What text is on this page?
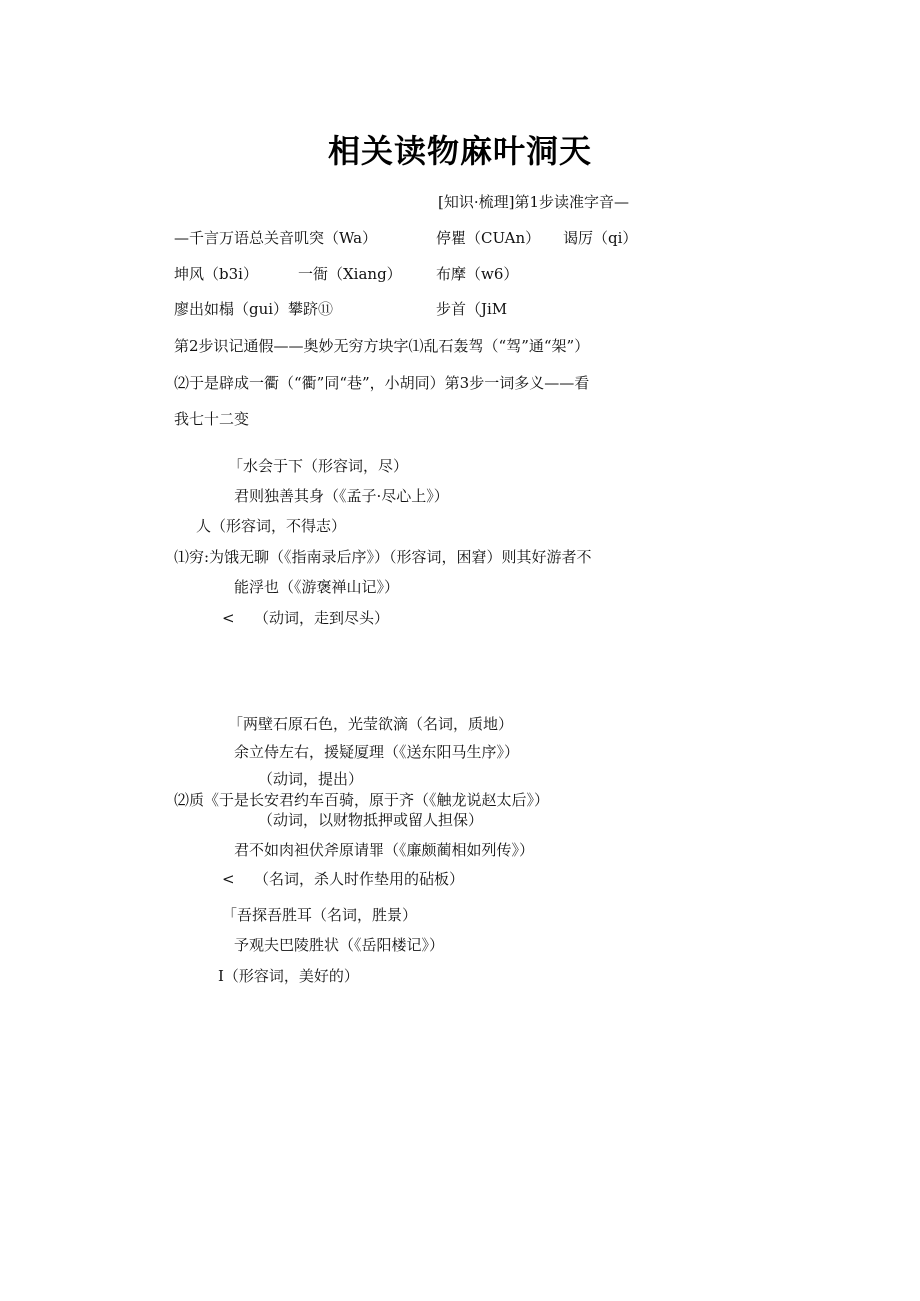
相关读物麻叶洞天
[知识·梳理]第1步读准字音—
—千言万语总关音叽突（Wa）	停瞿（CUAn） 谒厉（qi）
坤风（b3i）	一衙（Xiang） 布摩（w6）
廖出如榻（gui）攀跻⑪	步首（JiM
第2步识记通假——奥妙无穷方块字⑴乱石轰驾（“驾”通“架”）
⑵于是辟成一衢（“衢”同“巷”，小胡同）第3步一词多义——看
我七十二变
「水会于下（形容词，尽）
君则独善其身（《孟子·尽心上》）
人（形容词，不得志）
⑴穷:为饿无聊（《指南录后序》）（形容词，困窘）则其好游者不
能浮也（《游褒禅山记》）
< （动词，走到尽头）
「两壁石原石色，光莹欲滴（名词，质地）
余立侍左右，援疑厦理（《送东阳马生序》）
（动词，提出）
⑵质《于是长安君约车百骑，原于齐（《触龙说赵太后》）
（动词，以财物抵押或留人担保）
君不如肉袒伏斧原请罪（《廉颇蔺相如列传》）
< （名词，杀人时作垫用的砧板）
「吾探吾胜耳（名词，胜景）
予观夫巴陵胜状（《岳阳楼记》）
I（形容词，美好的）
